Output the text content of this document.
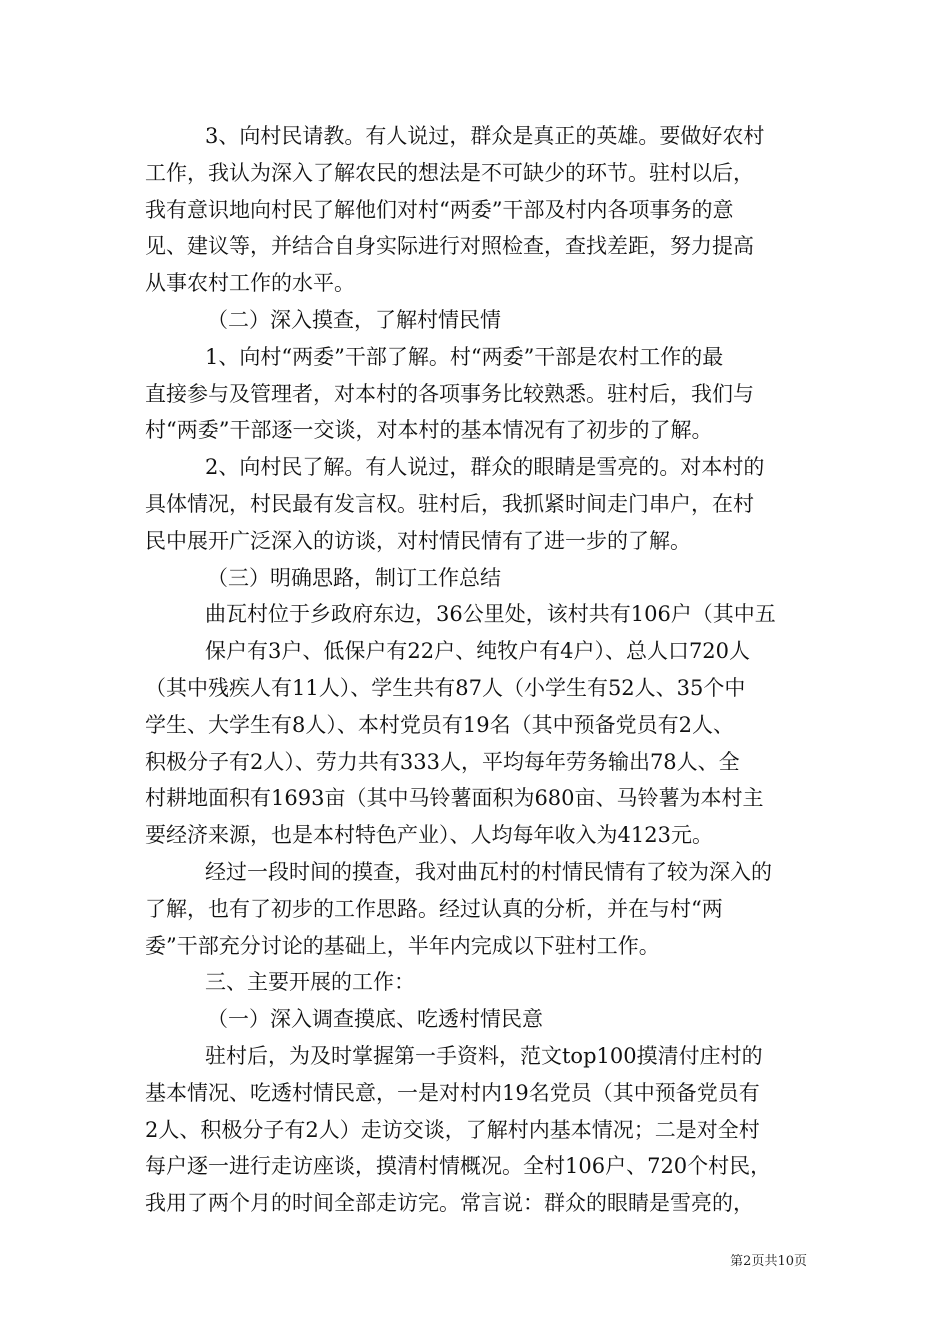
3、向村民请教。有人说过，群众是真正的英雄。要做好农村
工作，我认为深入了解农民的想法是不可缺少的环节。驻村以后，
我有意识地向村民了解他们对村“两委”干部及村内各项事务的意
见、建议等，并结合自身实际进行对照检查，查找差距，努力提高
从事农村工作的水平。
（二）深入摸查，了解村情民情
1、向村“两委”干部了解。村“两委”干部是农村工作的最
直接参与及管理者，对本村的各项事务比较熟悉。驻村后，我们与
村“两委”干部逐一交谈，对本村的基本情况有了初步的了解。
2、向村民了解。有人说过，群众的眼睛是雪亮的。对本村的
具体情况，村民最有发言权。驻村后，我抓紧时间走门串户，在村
民中展开广泛深入的访谈，对村情民情有了进一步的了解。
（三）明确思路，制订工作总结
曲瓦村位于乡政府东边，36公里处，该村共有106户（其中五
保户有3户、低保户有22户、纯牧户有4户）、总人口720人
（其中残疾人有11人）、学生共有87人（小学生有52人、35个中
学生、大学生有8人）、本村党员有19名（其中预备党员有2人、
积极分子有2人）、劳力共有333人，平均每年劳务输出78人、全
村耕地面积有1693亩（其中马铃薯面积为680亩、马铃薯为本村主
要经济来源，也是本村特色产业）、人均每年收入为4123元。
经过一段时间的摸查，我对曲瓦村的村情民情有了较为深入的
了解，也有了初步的工作思路。经过认真的分析，并在与村“两
委”干部充分讨论的基础上，半年内完成以下驻村工作。
三、主要开展的工作：
（一）深入调查摸底、吃透村情民意
驻村后，为及时掌握第一手资料，范文top100摸清付庄村的
基本情况、吃透村情民意，一是对村内19名党员（其中预备党员有
2人、积极分子有2人）走访交谈，了解村内基本情况；二是对全村
每户逐一进行走访座谈，摸清村情概况。全村106户、720个村民，
我用了两个月的时间全部走访完。常言说：群众的眼睛是雪亮的，
第2页共10页
